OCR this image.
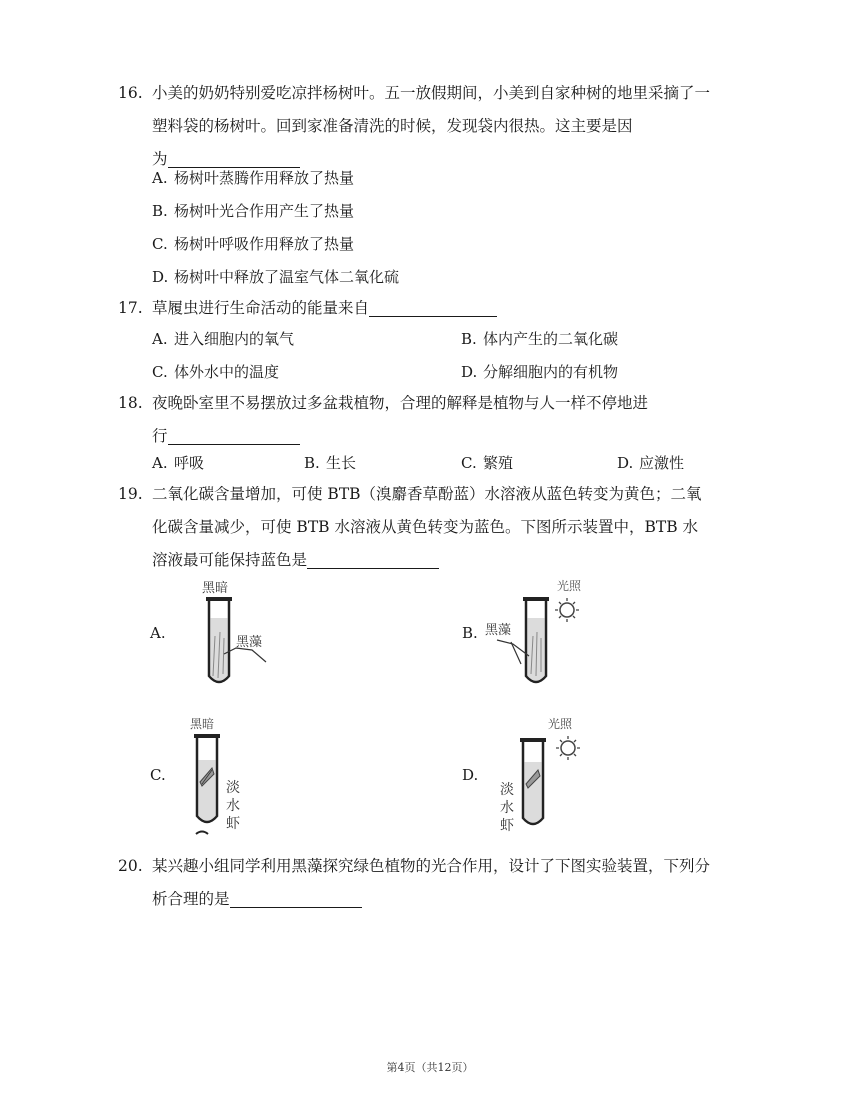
16. 小美的奶奶特别爱吃凉拌杨树叶。五一放假期间，小美到自家种树的地里采摘了一
塑料袋的杨树叶。回到家准备清洗的时候，发现袋内很热。这主要是因
为
A. 杨树叶蒸腾作用释放了热量
B. 杨树叶光合作用产生了热量
C. 杨树叶呼吸作用释放了热量
D. 杨树叶中释放了温室气体二氧化硫
17. 草履虫进行生命活动的能量来自
A. 进入细胞内的氧气	B. 体内产生的二氧化碳
C. 体外水中的温度	D. 分解细胞内的有机物
18. 夜晚卧室里不易摆放过多盆栽植物，合理的解释是植物与人一样不停地进
行
A. 呼吸	B. 生长	C. 繁殖	D. 应激性
19. 二氧化碳含量增加，可使 BTB（溴麝香草酚蓝）水溶液从蓝色转变为黄色；二氧
化碳含量减少，可使 BTB 水溶液从黄色转变为蓝色。下图所示装置中，BTB 水
溶液最可能保持蓝色是
A.
黑暗
黑藻
B.
光照
黑藻
C.
黑暗
淡
水
虾
淡水虾
D.
光照
淡
水
虾
淡水虾
20. 某兴趣小组同学利用黑藻探究绿色植物的光合作用，设计了下图实验装置，下列分
析合理的是
第4页（共12页）
